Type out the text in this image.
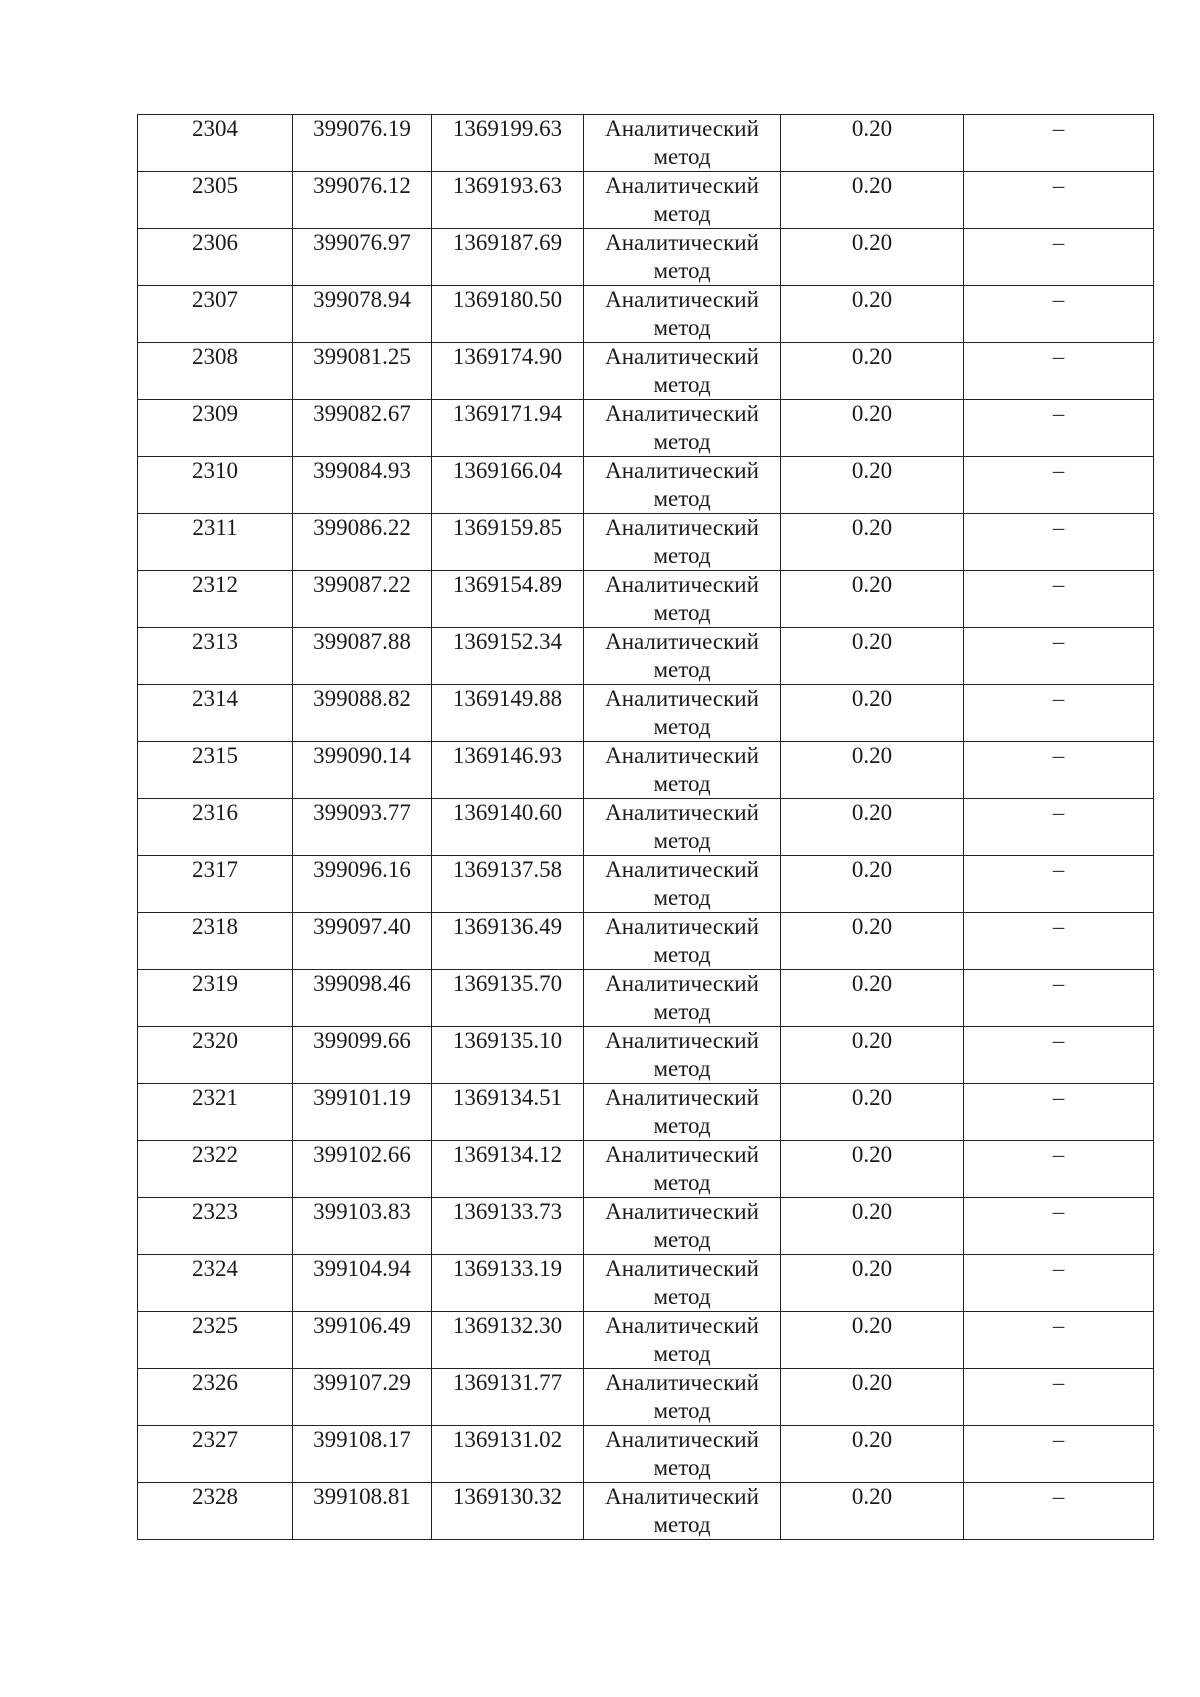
2304	399076.19	1369199.63	Аналитический метод	0.20	–
2305	399076.12	1369193.63	Аналитический метод	0.20	–
2306	399076.97	1369187.69	Аналитический метод	0.20	–
2307	399078.94	1369180.50	Аналитический метод	0.20	–
2308	399081.25	1369174.90	Аналитический метод	0.20	–
2309	399082.67	1369171.94	Аналитический метод	0.20	–
2310	399084.93	1369166.04	Аналитический метод	0.20	–
2311	399086.22	1369159.85	Аналитический метод	0.20	–
2312	399087.22	1369154.89	Аналитический метод	0.20	–
2313	399087.88	1369152.34	Аналитический метод	0.20	–
2314	399088.82	1369149.88	Аналитический метод	0.20	–
2315	399090.14	1369146.93	Аналитический метод	0.20	–
2316	399093.77	1369140.60	Аналитический метод	0.20	–
2317	399096.16	1369137.58	Аналитический метод	0.20	–
2318	399097.40	1369136.49	Аналитический метод	0.20	–
2319	399098.46	1369135.70	Аналитический метод	0.20	–
2320	399099.66	1369135.10	Аналитический метод	0.20	–
2321	399101.19	1369134.51	Аналитический метод	0.20	–
2322	399102.66	1369134.12	Аналитический метод	0.20	–
2323	399103.83	1369133.73	Аналитический метод	0.20	–
2324	399104.94	1369133.19	Аналитический метод	0.20	–
2325	399106.49	1369132.30	Аналитический метод	0.20	–
2326	399107.29	1369131.77	Аналитический метод	0.20	–
2327	399108.17	1369131.02	Аналитический метод	0.20	–
2328	399108.81	1369130.32	Аналитический метод	0.20	–
